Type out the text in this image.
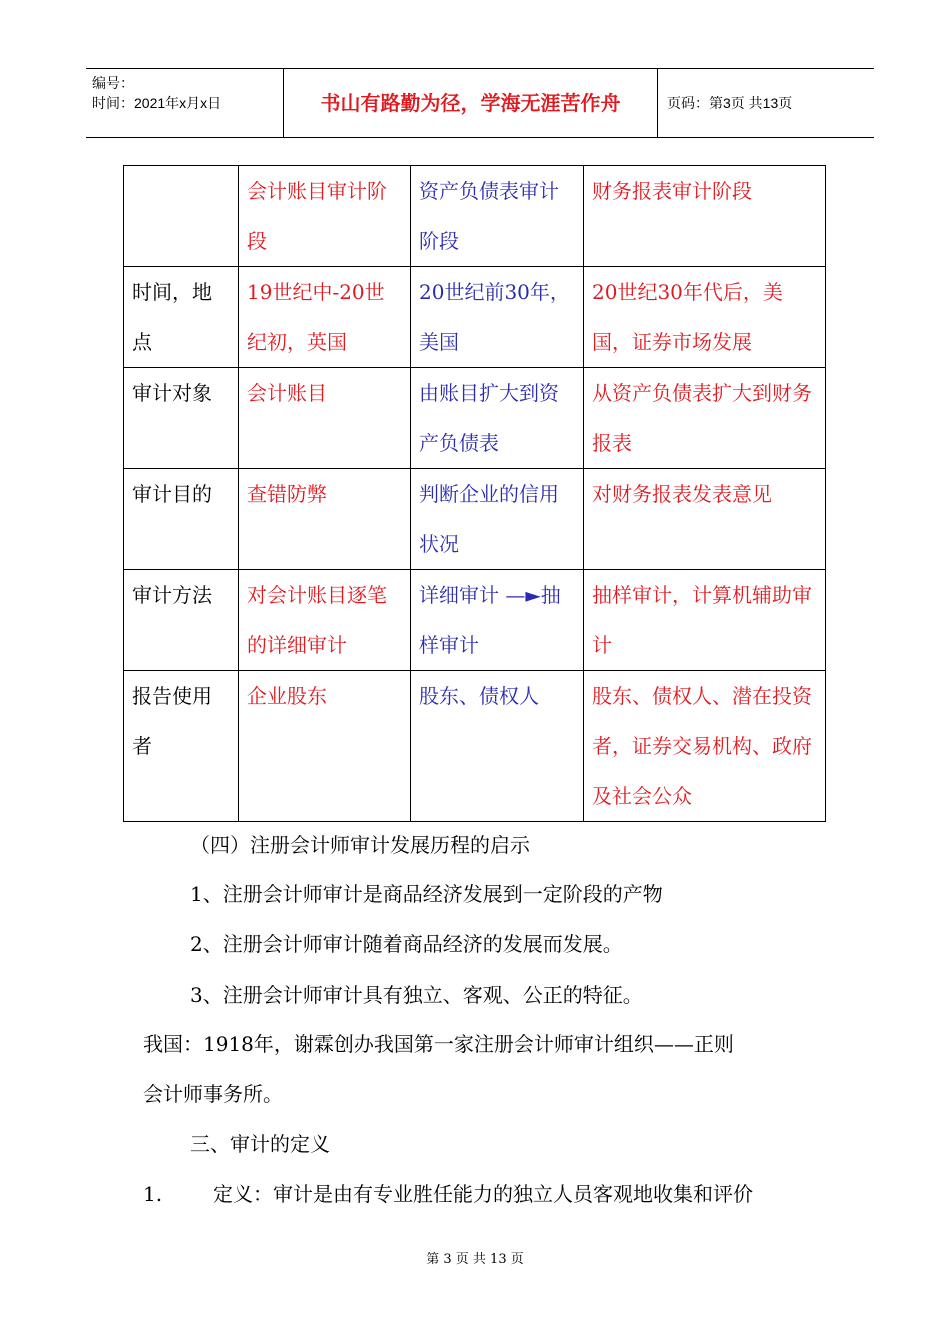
编号：
时间：2021年x月x日	书山有路勤为径，学海无涯苦作舟	页码：第3页 共13页
	会计账目审计阶段	资产负债表审计阶段	财务报表审计阶段
时间，地点	19世纪中-20世纪初，英国	20世纪前30年，美国	20世纪30年代后，美国，证券市场发展
审计对象	会计账目	由账目扩大到资产负债表	从资产负债表扩大到财务报表
审计目的	查错防弊	判断企业的信用状况	对财务报表发表意见
审计方法	对会计账目逐笔的详细审计	详细审计 —►抽样审计	抽样审计，计算机辅助审计
报告使用者	企业股东	股东、债权人	股东、债权人、潜在投资者，证券交易机构、政府及社会公众
（四）注册会计师审计发展历程的启示
1、注册会计师审计是商品经济发展到一定阶段的产物
2、注册会计师审计随着商品经济的发展而发展。
3、注册会计师审计具有独立、客观、公正的特征。
我国：1918年，谢霖创办我国第一家注册会计师审计组织——正则
会计师事务所。
三、审计的定义
1.	定义：审计是由有专业胜任能力的独立人员客观地收集和评价
第 3 页 共 13 页
